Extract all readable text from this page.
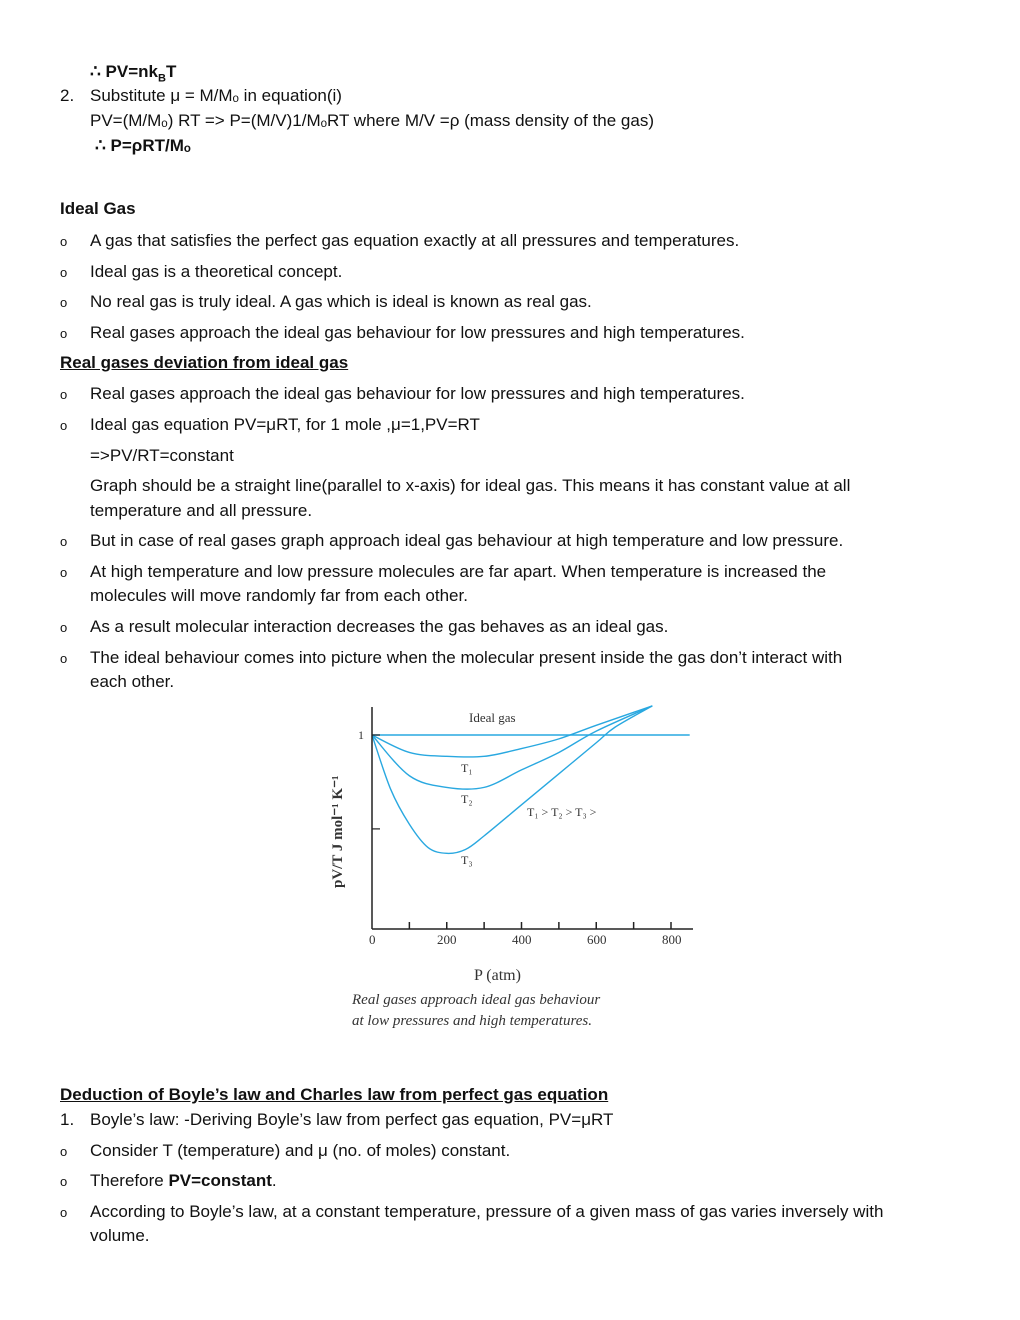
∴ $PV=nk_BT$
2. Substitute μ = M/Mₒ in equation(i)
PV=(M/Mₒ) RT => P=(M/V)1/MₒRT where M/V =ρ (mass density of the gas)
∴ P=ρRT/Mₒ
Ideal Gas
o A gas that satisfies the perfect gas equation exactly at all pressures and temperatures.
o Ideal gas is a theoretical concept.
o No real gas is truly ideal. A gas which is ideal is known as real gas.
o Real gases approach the ideal gas behaviour for low pressures and high temperatures.
Real gases deviation from ideal gas
o Real gases approach the ideal gas behaviour for low pressures and high temperatures.
o Ideal gas equation PV=μRT, for 1 mole ,μ=1,PV=RT
=>PV/RT=constant
Graph should be a straight line(parallel to x-axis) for ideal gas. This means it has constant value at all
temperature and all pressure.
o But in case of real gases graph approach ideal gas behaviour at high temperature and low pressure.
o At high temperature and low pressure molecules are far apart. When temperature is increased the
molecules will move randomly far from each other.
o As a result molecular interaction decreases the gas behaves as an ideal gas.
o The ideal behaviour comes into picture when the molecular present inside the gas don’t interact with
each other.
1
Ideal gas
T₁
T₂
T₃
T₁ > T₂ > T₃ >
0	200	400	600	800
P (atm)
pV/T J mol⁻¹ K⁻¹
Real gases approach ideal gas behaviour
at low pressures and high temperatures.
Deduction of Boyle’s law and Charles law from perfect gas equation
1. Boyle’s law: -Deriving Boyle’s law from perfect gas equation, PV=μRT
o Consider T (temperature) and μ (no. of moles) constant.
o Therefore PV=constant.
o According to Boyle’s law, at a constant temperature, pressure of a given mass of gas varies inversely with
volume.
